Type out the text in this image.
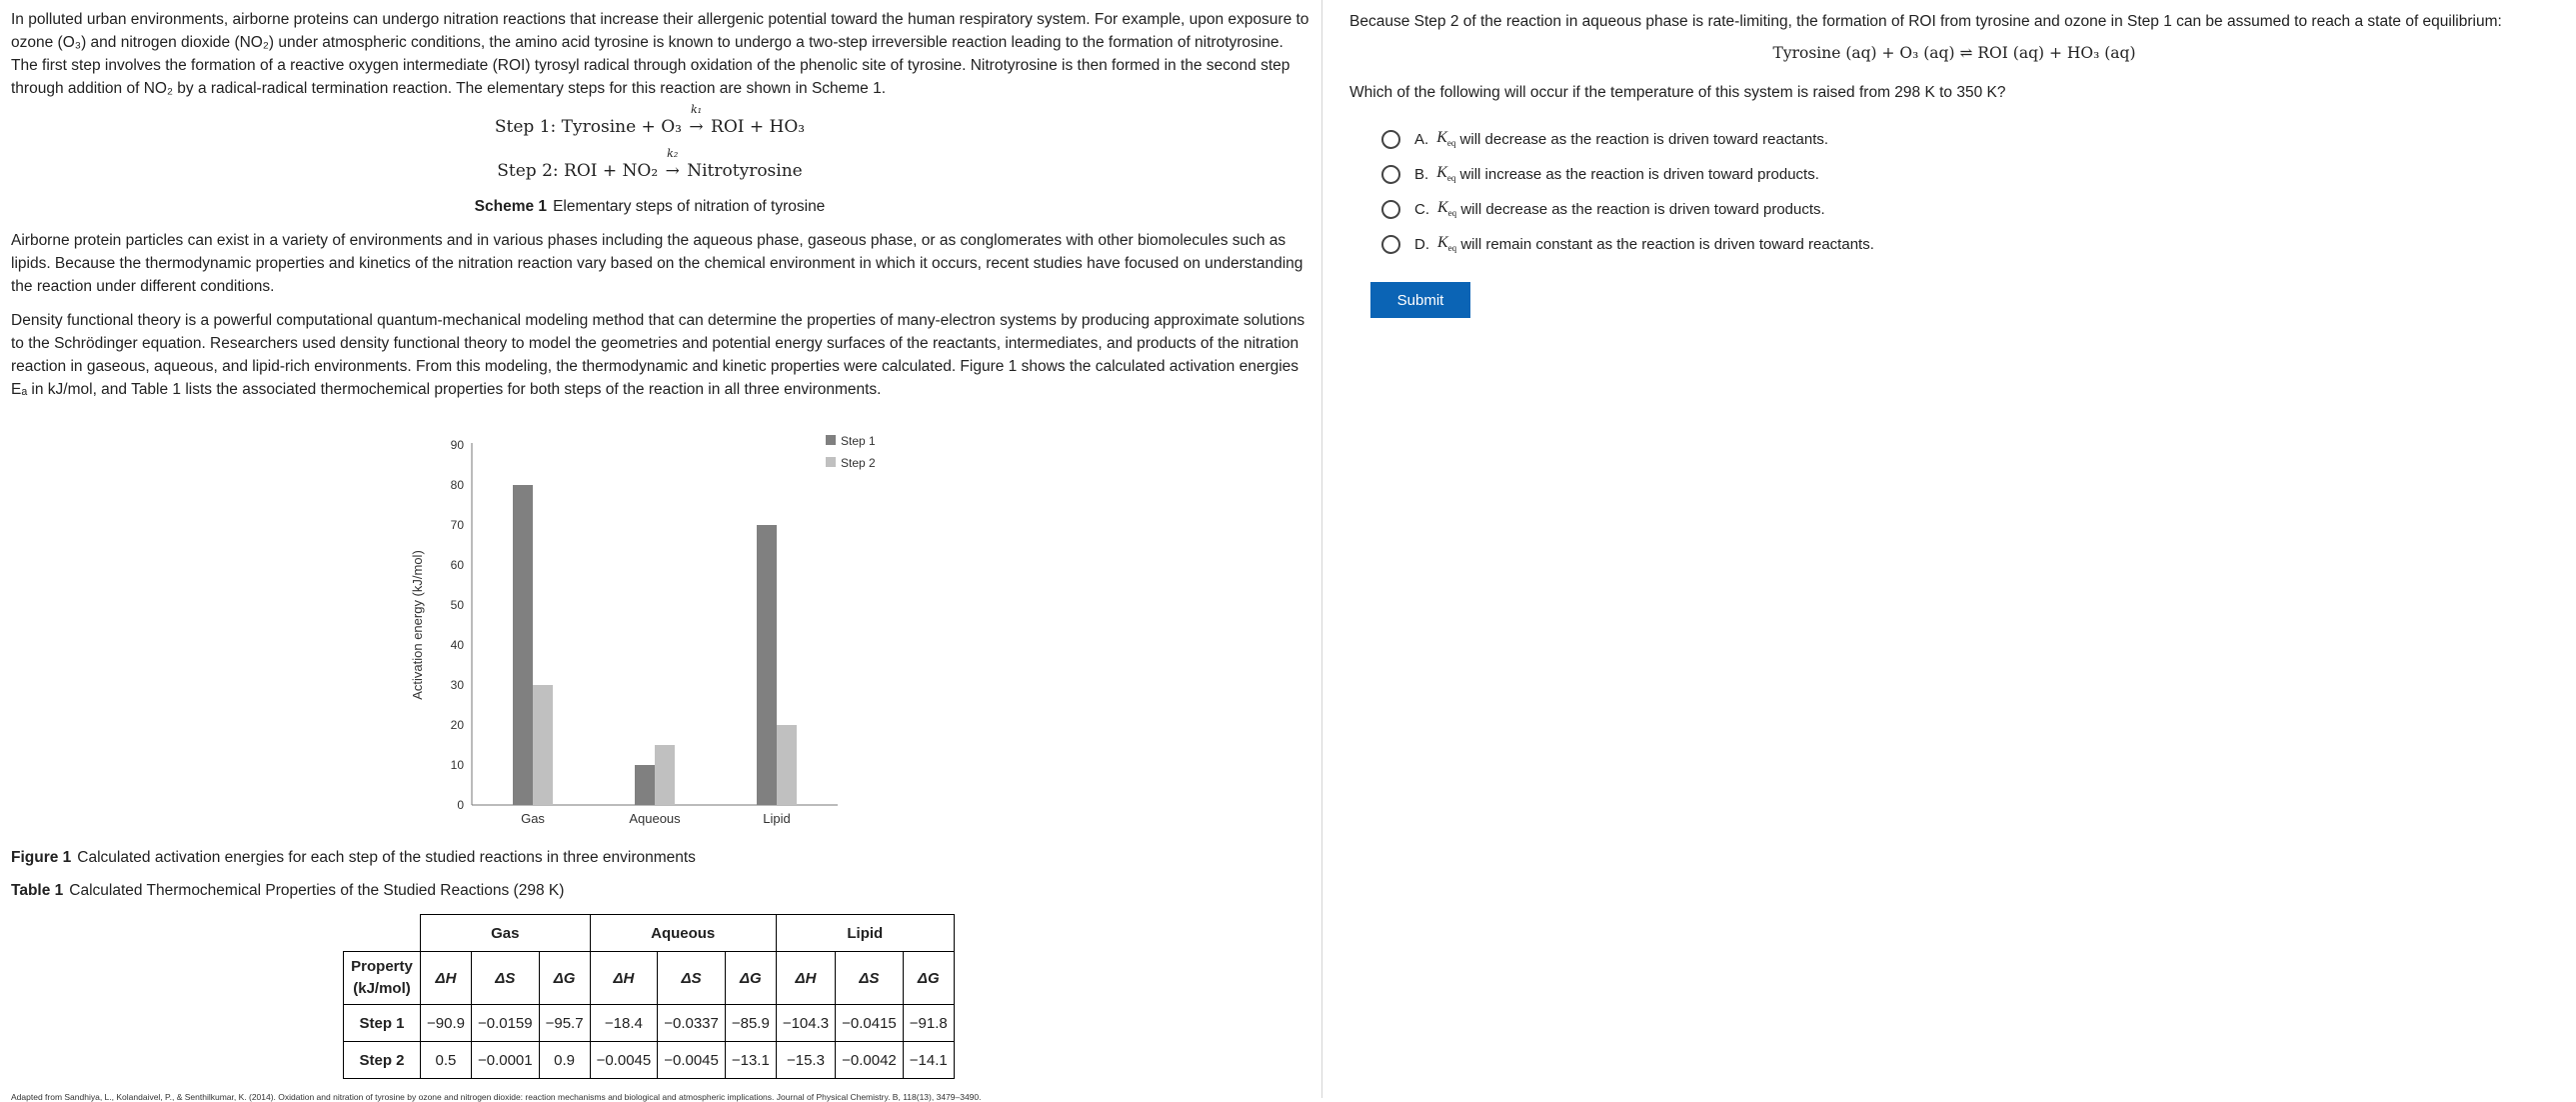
In polluted urban environments, airborne proteins can undergo nitration reactions that increase their allergenic potential toward the human respiratory system. For example, upon exposure to ozone (O₃) and nitrogen dioxide (NO₂) under atmospheric conditions, the amino acid tyrosine is known to undergo a two-step irreversible reaction leading to the formation of nitrotyrosine. The first step involves the formation of a reactive oxygen intermediate (ROI) tyrosyl radical through oxidation of the phenolic site of tyrosine. Nitrotyrosine is then formed in the second step through addition of NO₂ by a radical-radical termination reaction. The elementary steps for this reaction are shown in Scheme 1.

Step 1: Tyrosine + O₃
k₁
→ ROI + HO₃
Step 2: ROI + NO₂
k₂
→ Nitrotyrosine
Scheme 1 Elementary steps of nitration of tyrosine

Airborne protein particles can exist in a variety of environments and in various phases including the aqueous phase, gaseous phase, or as conglomerates with other biomolecules such as lipids. Because the thermodynamic properties and kinetics of the nitration reaction vary based on the chemical environment in which it occurs, recent studies have focused on understanding the reaction under different conditions.

Density functional theory is a powerful computational quantum-mechanical modeling method that can determine the properties of many-electron systems by producing approximate solutions to the Schrödinger equation. Researchers used density functional theory to model the geometries and potential energy surfaces of the reactants, intermediates, and products of the nitration reaction in gaseous, aqueous, and lipid-rich environments. From this modeling, the thermodynamic and kinetic properties were calculated. Figure 1 shows the calculated activation energies Eₐ in kJ/mol, and Table 1 lists the associated thermochemical properties for both steps of the reaction in all three environments.

0
10
20
30
40
50
60
70
80
90
Activation energy (kJ/mol)
Gas	Aqueous	Lipid
Step 1
Step 2
Figure 1 Calculated activation energies for each step of the studied reactions in three environments
Table 1 Calculated Thermochemical Properties of the Studied Reactions (298 K)
	Gas			Aqueous			Lipid		
Property (kJ/mol)	ΔH	ΔS	ΔG	ΔH	ΔS	ΔG	ΔH	ΔS	ΔG
Step 1	−90.9	−0.0159	−95.7	−18.4	−0.0337	−85.9	−104.3	−0.0415	−91.8
Step 2	0.5	−0.0001	0.9	−0.0045	−0.0045	−13.1	−15.3	−0.0042	−14.1
Adapted from Sandhiya, L., Kolandaivel, P., & Senthilkumar, K. (2014). Oxidation and nitration of tyrosine by ozone and nitrogen dioxide: reaction mechanisms and biological and atmospheric implications. Journal of Physical Chemistry. B, 118(13), 3479–3490.

Because Step 2 of the reaction in aqueous phase is rate-limiting, the formation of ROI from tyrosine and ozone in Step 1 can be assumed to reach a state of equilibrium:

Tyrosine (aq) + O₃ (aq) ⇌ ROI (aq) + HO₃ (aq)

Which of the following will occur if the temperature of this system is raised from 298 K to 350 K?

A. $K_{eq}$
will decrease as the reaction is driven toward reactants.
B. $K_{eq}$
will increase as the reaction is driven toward products.
C. $K_{eq}$
will decrease as the reaction is driven toward products.
D. $K_{eq}$
will remain constant as the reaction is driven toward reactants.
Submit
